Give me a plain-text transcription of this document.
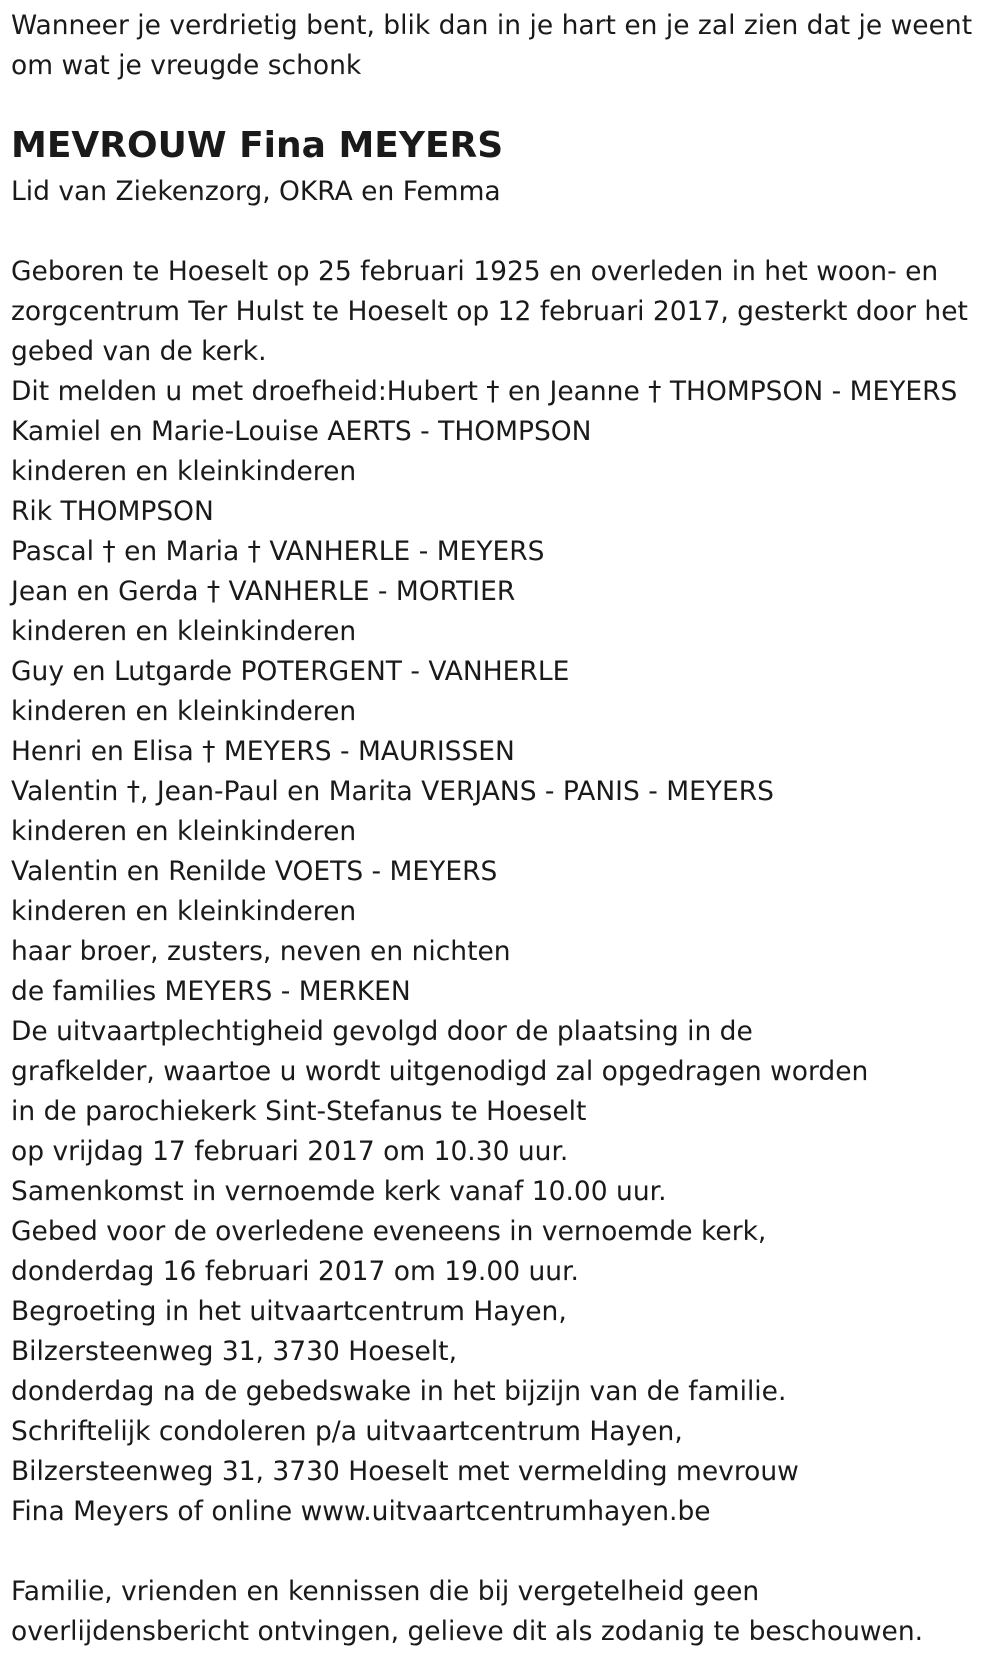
Wanneer je verdrietig bent, blik dan in je hart en je zal zien dat je weent

om wat je vreugde schonk

MEVROUW Fina MEYERS

Lid van Ziekenzorg, OKRA en Femma

Geboren te Hoeselt op 25 februari 1925 en overleden in het woon- en

zorgcentrum Ter Hulst te Hoeselt op 12 februari 2017, gesterkt door het

gebed van de kerk.

Dit melden u met droefheid:Hubert † en Jeanne † THOMPSON - MEYERS

Kamiel en Marie-Louise AERTS - THOMPSON

kinderen en kleinkinderen

Rik THOMPSON

Pascal † en Maria † VANHERLE - MEYERS

Jean en Gerda † VANHERLE - MORTIER

kinderen en kleinkinderen

Guy en Lutgarde POTERGENT - VANHERLE

kinderen en kleinkinderen

Henri en Elisa † MEYERS - MAURISSEN

Valentin †, Jean-Paul en Marita VERJANS - PANIS - MEYERS

kinderen en kleinkinderen

Valentin en Renilde VOETS - MEYERS

kinderen en kleinkinderen

haar broer, zusters, neven en nichten

de families MEYERS - MERKEN

De uitvaartplechtigheid gevolgd door de plaatsing in de

grafkelder, waartoe u wordt uitgenodigd zal opgedragen worden

in de parochiekerk Sint-Stefanus te Hoeselt

op vrijdag 17 februari 2017 om 10.30 uur.

Samenkomst in vernoemde kerk vanaf 10.00 uur.

Gebed voor de overledene eveneens in vernoemde kerk,

donderdag 16 februari 2017 om 19.00 uur.

Begroeting in het uitvaartcentrum Hayen,

Bilzersteenweg 31, 3730 Hoeselt,

donderdag na de gebedswake in het bijzijn van de familie.

Schriftelijk condoleren p/a uitvaartcentrum Hayen,

Bilzersteenweg 31, 3730 Hoeselt met vermelding mevrouw

Fina Meyers of online www.uitvaartcentrumhayen.be

Familie, vrienden en kennissen die bij vergetelheid geen

overlijdensbericht ontvingen, gelieve dit als zodanig te beschouwen.
